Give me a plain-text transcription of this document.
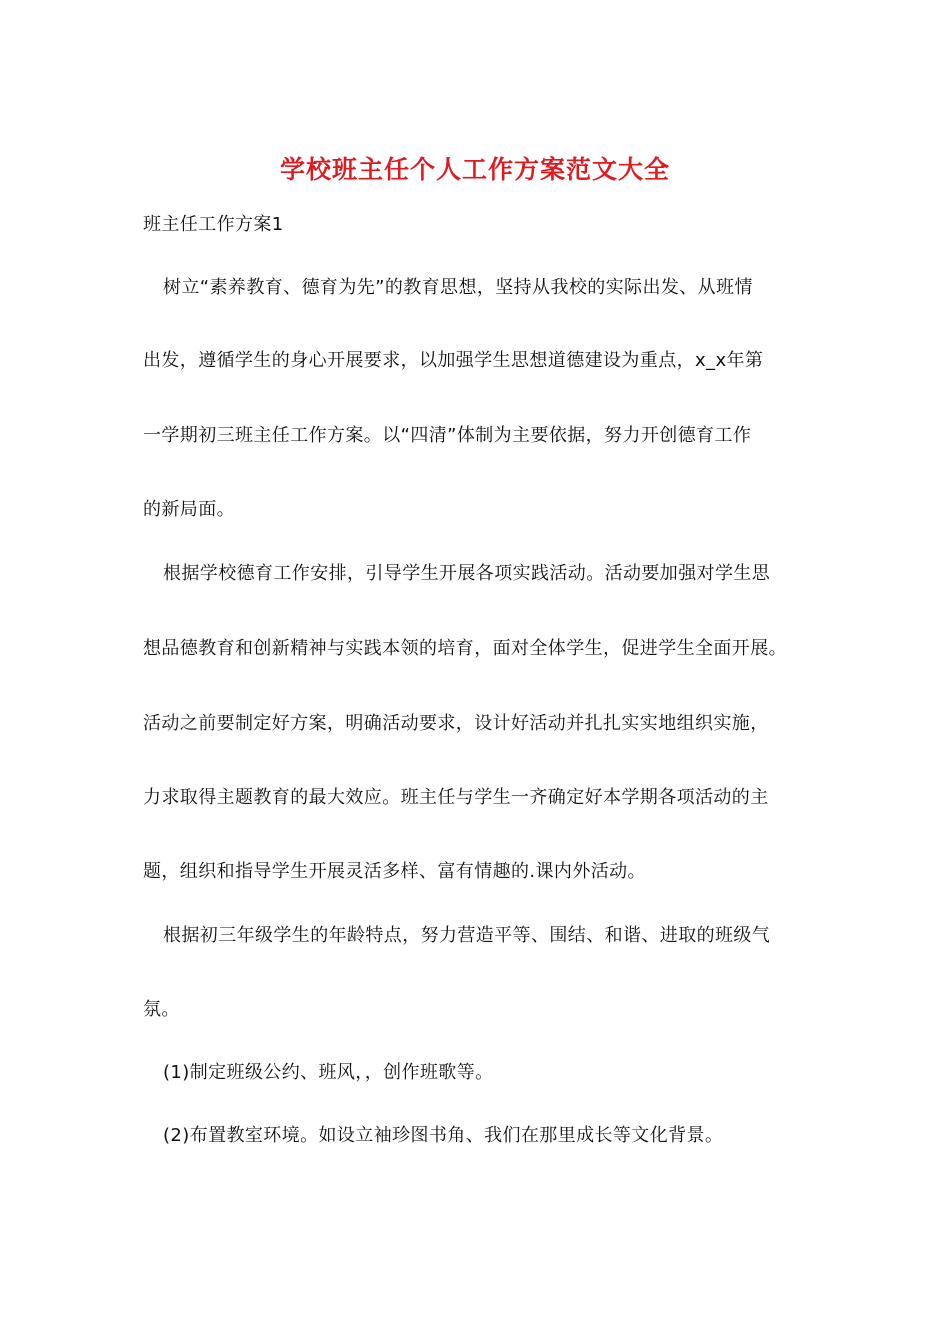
学校班主任个人工作方案范文大全
班主任工作方案1
树立“素养教育、德育为先”的教育思想，坚持从我校的实际出发、从班情
出发，遵循学生的身心开展要求，以加强学生思想道德建设为重点，x_x年第
一学期初三班主任工作方案。以“四清”体制为主要依据，努力开创德育工作
的新局面。
根据学校德育工作安排，引导学生开展各项实践活动。活动要加强对学生思
想品德教育和创新精神与实践本领的培育，面对全体学生，促进学生全面开展。
活动之前要制定好方案，明确活动要求，设计好活动并扎扎实实地组织实施，
力求取得主题教育的最大效应。班主任与学生一齐确定好本学期各项活动的主
题，组织和指导学生开展灵活多样、富有情趣的.课内外活动。
根据初三年级学生的年龄特点，努力营造平等、围结、和谐、进取的班级气
氛。
(1)制定班级公约、班风，，创作班歌等。
(2)布置教室环境。如设立袖珍图书角、我们在那里成长等文化背景。
